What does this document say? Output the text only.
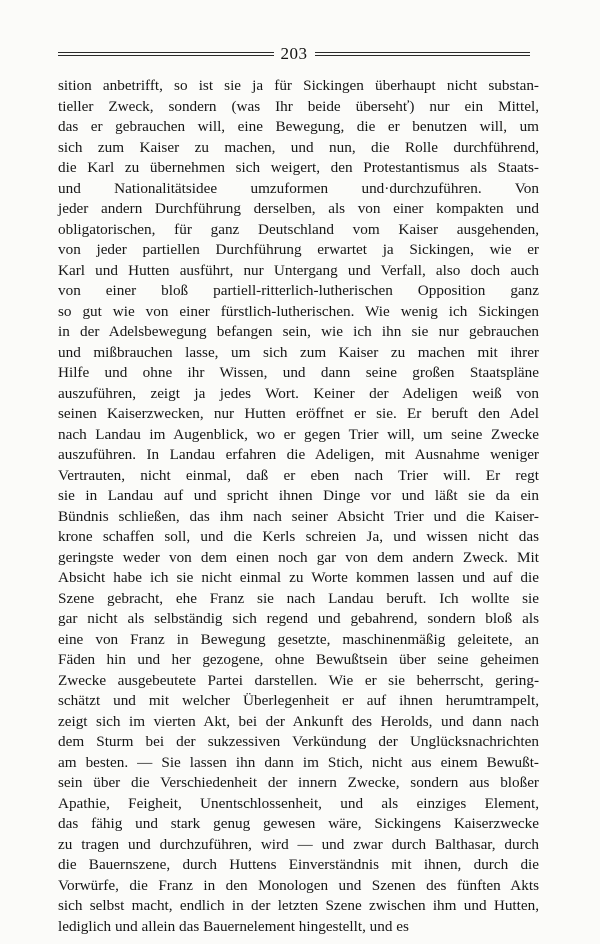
203
sition anbetrifft, so ist sie ja für Sickingen überhaupt nicht substan-
tieller Zweck, sondern (was Ihr beide übersehť) nur ein Mittel,
das er gebrauchen will, eine Bewegung, die er benutzen will, um
sich zum Kaiser zu machen, und nun, die Rolle durchführend,
die Karl zu übernehmen sich weigert, den Protestantismus als Staats-
und Nationalitätsidee umzuformen und·durchzuführen. Von
jeder andern Durchführung derselben, als von einer kompakten und
obligatorischen, für ganz Deutschland vom Kaiser ausgehenden,
von jeder partiellen Durchführung erwartet ja Sickingen, wie er
Karl und Hutten ausführt, nur Untergang und Verfall, also doch auch
von einer bloß partiell-ritterlich-lutherischen Opposition ganz
so gut wie von einer fürstlich-lutherischen. Wie wenig ich Sickingen
in der Adelsbewegung befangen sein, wie ich ihn sie nur gebrauchen
und mißbrauchen lasse, um sich zum Kaiser zu machen mit ihrer
Hilfe und ohne ihr Wissen, und dann seine großen Staatspläne
auszuführen, zeigt ja jedes Wort. Keiner der Adeligen weiß von
seinen Kaiserzwecken, nur Hutten eröffnet er sie. Er beruft den Adel
nach Landau im Augenblick, wo er gegen Trier will, um seine Zwecke
auszuführen. In Landau erfahren die Adeligen, mit Ausnahme weniger
Vertrauten, nicht einmal, daß er eben nach Trier will. Er regt
sie in Landau auf und spricht ihnen Dinge vor und läßt sie da ein
Bündnis schließen, das ihm nach seiner Absicht Trier und die Kaiser-
krone schaffen soll, und die Kerls schreien Ja, und wissen nicht das
geringste weder von dem einen noch gar von dem andern Zweck. Mit
Absicht habe ich sie nicht einmal zu Worte kommen lassen und auf die
Szene gebracht, ehe Franz sie nach Landau beruft. Ich wollte sie
gar nicht als selbständig sich regend und gebahrend, sondern bloß als
eine von Franz in Bewegung gesetzte, maschinenmäßig geleitete, an
Fäden hin und her gezogene, ohne Bewußtsein über seine geheimen
Zwecke ausgebeutete Partei darstellen. Wie er sie beherrscht, gering-
schätzt und mit welcher Überlegenheit er auf ihnen herumtrampelt,
zeigt sich im vierten Akt, bei der Ankunft des Herolds, und dann nach
dem Sturm bei der sukzessiven Verkündung der Unglücksnachrichten
am besten. — Sie lassen ihn dann im Stich, nicht aus einem Bewußt-
sein über die Verschiedenheit der innern Zwecke, sondern aus bloßer
Apathie, Feigheit, Unentschlossenheit, und als einziges Element,
das fähig und stark genug gewesen wäre, Sickingens Kaiserzwecke
zu tragen und durchzuführen, wird — und zwar durch Balthasar, durch
die Bauernszene, durch Huttens Einverständnis mit ihnen, durch die
Vorwürfe, die Franz in den Monologen und Szenen des fünften Akts
sich selbst macht, endlich in der letzten Szene zwischen ihm und Hutten,
lediglich und allein das Bauernelement hingestellt, und es
